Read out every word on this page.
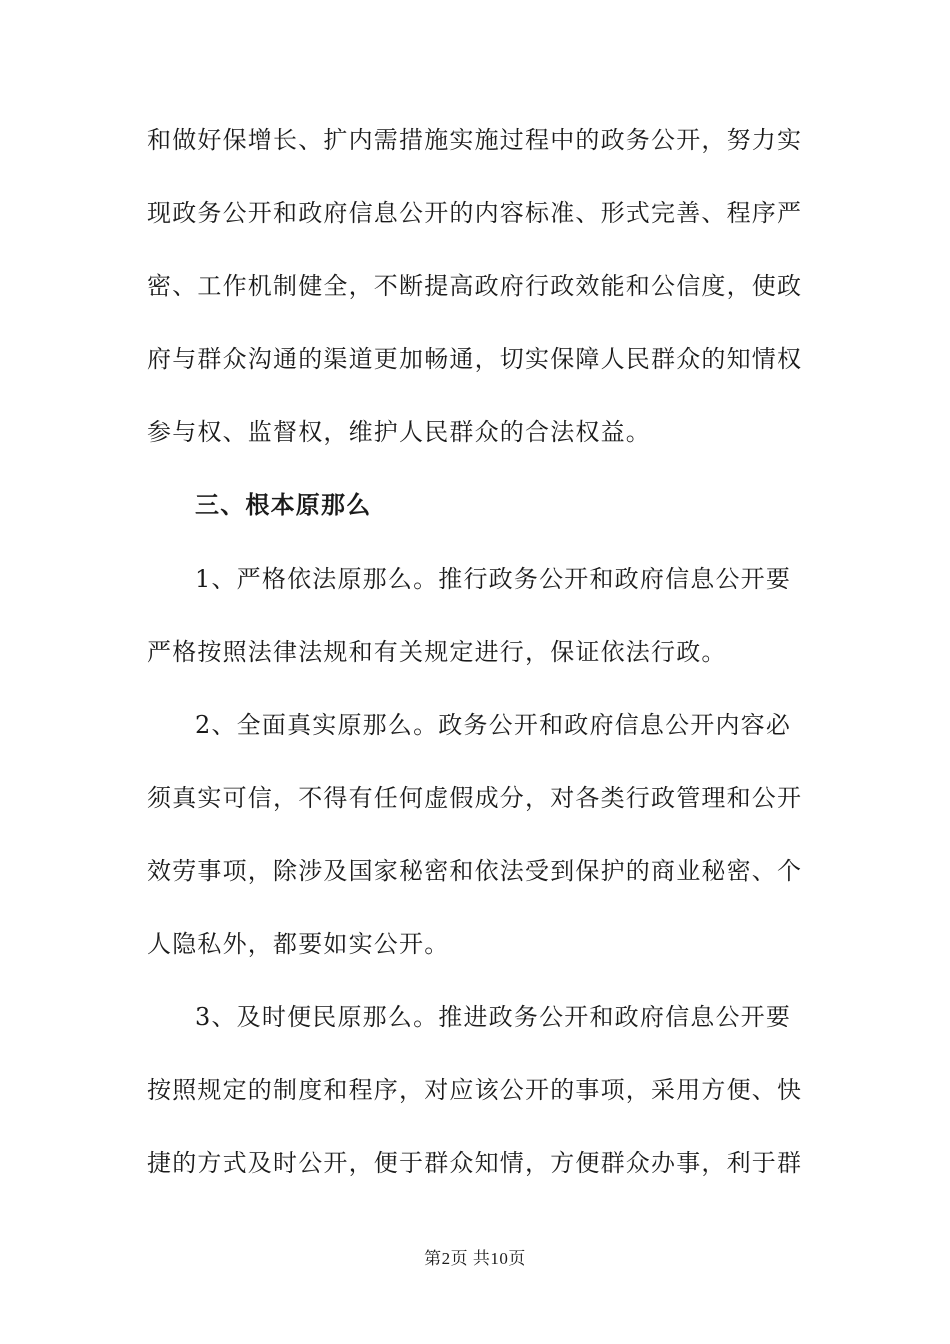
和做好保增长、扩内需措施实施过程中的政务公开，努力实

现政务公开和政府信息公开的内容标准、形式完善、程序严

密、工作机制健全，不断提高政府行政效能和公信度，使政

府与群众沟通的渠道更加畅通，切实保障人民群众的知情权

参与权、监督权，维护人民群众的合法权益。

三、根本原那么

1、严格依法原那么。推行政务公开和政府信息公开要

严格按照法律法规和有关规定进行，保证依法行政。

2、全面真实原那么。政务公开和政府信息公开内容必

须真实可信，不得有任何虚假成分，对各类行政管理和公开

效劳事项，除涉及国家秘密和依法受到保护的商业秘密、个

人隐私外，都要如实公开。

3、及时便民原那么。推进政务公开和政府信息公开要

按照规定的制度和程序，对应该公开的事项，采用方便、快

捷的方式及时公开，便于群众知情，方便群众办事，利于群

第2页 共10页
